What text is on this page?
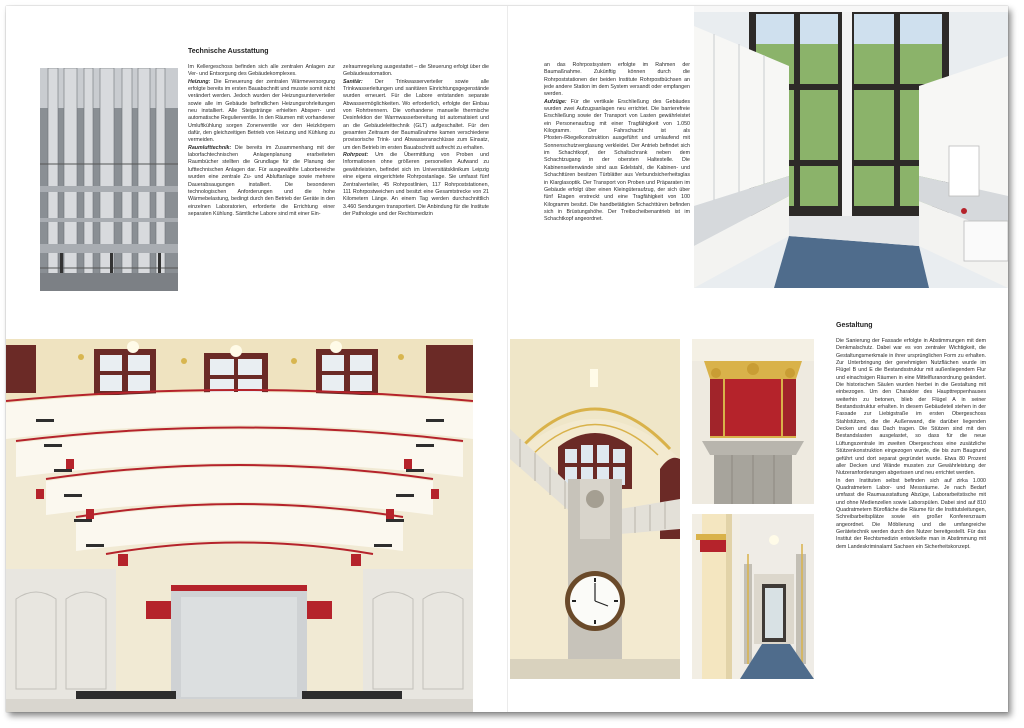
Technische Ausstattung

Im Kellergeschoss befinden sich alle zentralen Anlagen zur Ver- und Entsorgung des Gebäudekomplexes.

Heizung: Die Erneuerung der zentralen Wärmeversorgung erfolgte bereits im ersten Bauabschnitt und musste somit nicht verändert werden. Jedoch wurden der Heizungsunterverteiler sowie alle im Gebäude befindlichen Heizungsrohrleitungen neu installiert. Alle Steigstränge erhielten Absperr- und automatische Regulierventile. In den Räumen mit vorhandener Umluftkühlung sorgen Zonenventile vor den Heizkörpern dafür, den gleichzeitigen Betrieb von Heizung und Kühlung zu vermeiden.

Raumlufttechnik: Die bereits im Zusammenhang mit der laborfachtechnischen Anlagenplanung erarbeiteten Raumbücher stellten die Grundlage für die Planung der lufttechnischen Anlagen dar. Für ausgewählte Laborbereiche wurden eine zentrale Zu- und Abluftanlage sowie mehrere Dauerabsaugungen installiert. Die besonderen technologischen Anforderungen und die hohe Wärmebelastung, bedingt durch den Betrieb der Geräte in den einzelnen Laboratorien, erforderte die Errichtung einer separaten Kühlung. Sämtliche Labore sind mit einer Ein-

zelraumregelung ausgestattet – die Steuerung erfolgt über die Gebäudeautomation.

Sanitär: Der Trinkwasserverteiler sowie alle Trinkwasserleitungen und sanitären Einrichtungsgegenstände wurden erneuert. Für die Labore entstanden separate Abwassermöglichkeiten. Wo erforderlich, erfolgte der Einbau von Rohrtrennern. Die vorhandene manuelle thermische Desinfektion der Warmwasserbereitung ist automatisiert und an die Gebäudeleittechnik (GLT) aufgeschaltet. Für den gesamten Zeitraum der Baumaßnahme kamen verschiedene provisorische Trink- und Abwasseranschlüsse zum Einsatz, um den Betrieb im ersten Bauabschnitt aufrecht zu erhalten.

Rohrpost: Um die Übermittlung von Proben und Informationen ohne größeren personellen Aufwand zu gewährleisten, befindet sich im Universitätsklinikum Leipzig eine eigens eingerichtete Rohrpostanlage. Sie umfasst fünf Zentralverteiler, 45 Rohrpostlinien, 117 Rohrpoststationen, 111 Rohrpostweichen und besitzt eine Gesamtstrecke von 21 Kilometern Länge. An einem Tag werden durchschnittlich 3.460 Sendungen transportiert. Die Anbindung für die Institute der Pathologie und der Rechtsmedizin

an das Rohrpostsystem erfolgte im Rahmen der Baumaßnahme. Zukünftig können durch die Rohrpoststationen der beiden Institute Rohrpostbüchsen an jede andere Station im dem System versandt oder empfangen werden.

Aufzüge: Für die vertikale Erschließung des Gebäudes wurden zwei Aufzugsanlagen neu errichtet. Die barrierefreie Erschließung sowie der Transport von Lasten gewährleistet ein Personenaufzug mit einer Tragfähigkeit von 1.050 Kilogramm. Der Fahrschacht ist als Pfosten-/Riegelkonstruktion ausgeführt und umlaufend mit Sonnenschutzverglasung verkleidet. Der Antrieb befindet sich im Schachtkopf, der Schaltschrank neben dem Schachtzugang in der obersten Haltestelle. Die Kabinenseitenwände sind aus Edelstahl, die Kabinen- und Schachttüren besitzen Türblätter aus Verbundsicherheitsglas in Klarglasoptik. Der Transport von Proben und Präparaten im Gebäude erfolgt über einen Kleingüteraufzug, der sich über fünf Etagen erstreckt und eine Tragfähigkeit von 100 Kilogramm besitzt. Die handbetätigten Schachttüren befinden sich in Brüstungshöhe. Der Treibscheibenantrieb ist im Schachtkopf angeordnet.

Gestaltung

Die Sanierung der Fassade erfolgte in Abstimmungen mit dem Denkmalschutz. Dabei war es von zentraler Wichtigkeit, die Gestaltungsmerkmale in ihrer ursprünglichen Form zu erhalten. Zur Unterbringung der genehmigten Nutzflächen wurde im Flügel B und E die Bestandsstruktur mit außenliegendem Flur und einachsigen Räumen in eine Mittelfluranordnung geändert. Die historischen Säulen wurden hierbei in die Gestaltung mit einbezogen. Um den Charakter des Haupttreppenhauses weiterhin zu betonen, blieb der Flügel A in seiner Bestandsstruktur erhalten. In diesem Gebäudeteil stehen in der Fassade zur Liebigstraße im ersten Obergeschoss Stahlstützen, die die Außenwand, die darüber liegenden Decken und das Dach tragen. Die Stützen sind mit den Bestandslasten ausgelastet, so dass für die neue Lüftungszentrale im zweiten Obergeschoss eine zusätzliche Stützenkonstruktion eingezogen wurde, die bis zum Baugrund geführt und dort separat gegründet wurde. Etwa 80 Prozent aller Decken und Wände mussten zur Gewährleistung der Nutzeranforderungen abgerissen und neu errichtet werden.

In den Instituten selbst befinden sich auf zirka 1.000 Quadratmetern Labor- und Messräume. Je nach Bedarf umfasst die Raumausstattung Abzüge, Laborarbeitstische mit und ohne Medienzellen sowie Laborspülen. Dabei sind auf 810 Quadratmetern Bürofläche die Räume für die Institutsleitungen, Schreibarbeitsplätze sowie ein großer Konferenzraum angeordnet. Die Möblierung und die umfangreiche Gerätetechnik werden durch den Nutzer bereitgestellt. Für das Institut der Rechtsmedizin entwickelte man in Abstimmung mit dem Landeskriminalamt Sachsen ein Sicherheitskonzept.
